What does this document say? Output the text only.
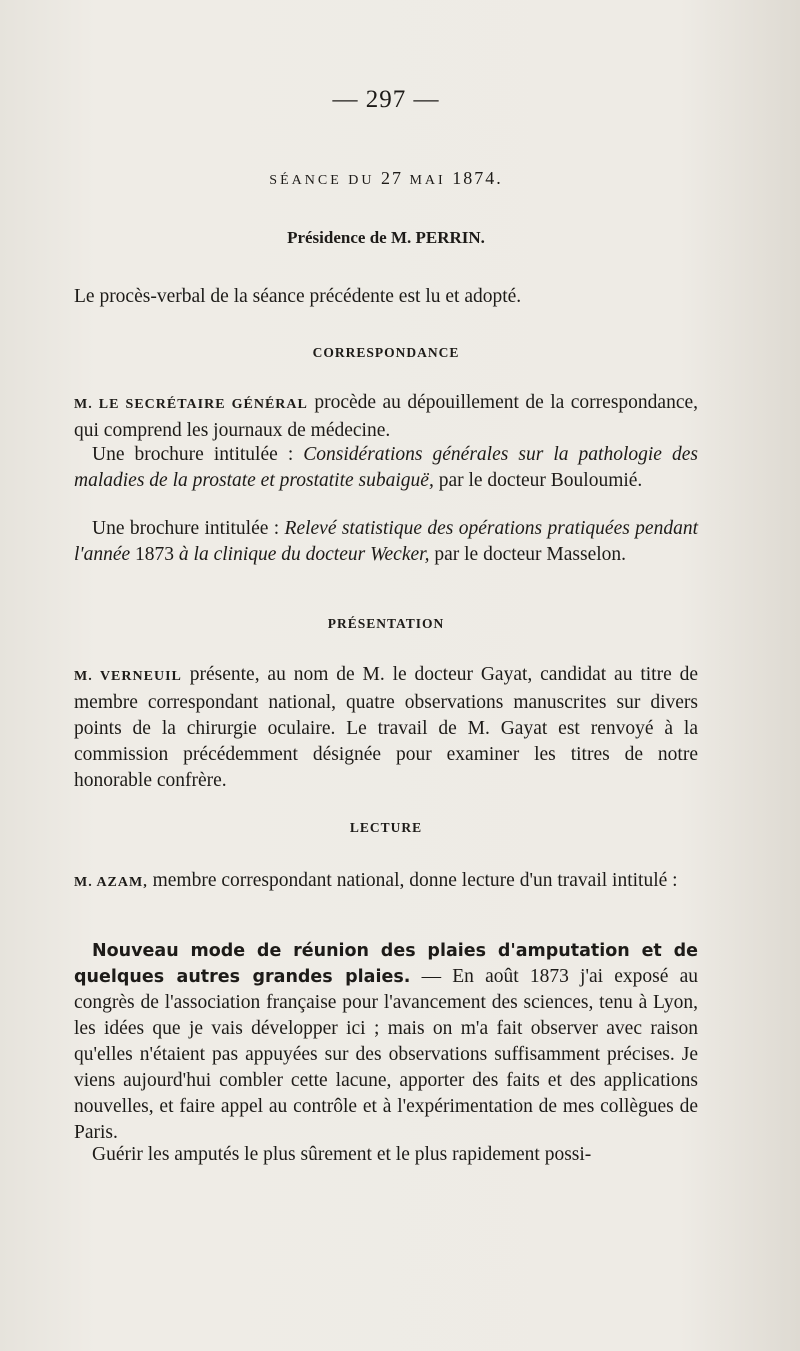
— 297 —
SÉANCE DU 27 MAI 1874.
Présidence de M. PERRIN.
Le procès-verbal de la séance précédente est lu et adopté.
CORRESPONDANCE
M. LE SECRÉTAIRE GÉNÉRAL procède au dépouillement de la correspondance, qui comprend les journaux de médecine.
Une brochure intitulée : Considérations générales sur la pathologie des maladies de la prostate et prostatite subaiguë, par le docteur Bouloumié.
Une brochure intitulée : Relevé statistique des opérations pratiquées pendant l'année 1873 à la clinique du docteur Wecker, par le docteur Masselon.
PRÉSENTATION
M. VERNEUIL présente, au nom de M. le docteur Gayat, candidat au titre de membre correspondant national, quatre observations manuscrites sur divers points de la chirurgie oculaire. Le travail de M. Gayat est renvoyé à la commission précédemment désignée pour examiner les titres de notre honorable confrère.
LECTURE
M. AZAM, membre correspondant national, donne lecture d'un travail intitulé :
Nouveau mode de réunion des plaies d'amputation et de quelques autres grandes plaies. — En août 1873 j'ai exposé au congrès de l'association française pour l'avancement des sciences, tenu à Lyon, les idées que je vais développer ici ; mais on m'a fait observer avec raison qu'elles n'étaient pas appuyées sur des observations suffisamment précises. Je viens aujourd'hui combler cette lacune, apporter des faits et des applications nouvelles, et faire appel au contrôle et à l'expérimentation de mes collègues de Paris.
Guérir les amputés le plus sûrement et le plus rapidement possi-
